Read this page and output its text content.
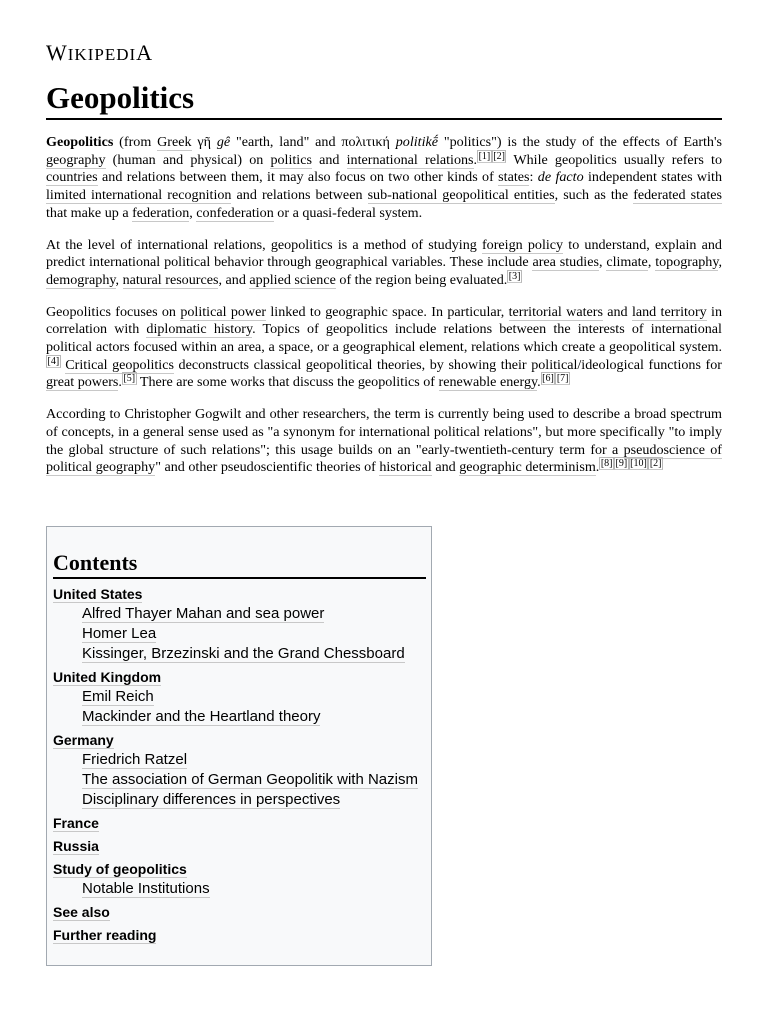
WIKIPEDIA
Geopolitics

Geopolitics (from Greek γῆ gê "earth, land" and πολιτική politikḗ "politics") is the study of the effects of Earth's geography (human and physical) on politics and international relations. [1] [2] While geopolitics usually refers to countries and relations between them, it may also focus on two other kinds of states: de facto independent states with limited international recognition and relations between sub-national geopolitical entities, such as the federated states that make up a federation, confederation or a quasi-federal system.

At the level of international relations, geopolitics is a method of studying foreign policy to understand, explain and predict international political behavior through geographical variables. These include area studies, climate, topography, demography, natural resources, and applied science of the region being evaluated. [3]

Geopolitics focuses on political power linked to geographic space. In particular, territorial waters and land territory in correlation with diplomatic history. Topics of geopolitics include relations between the interests of international political actors focused within an area, a space, or a geographical element, relations which create a geopolitical system.[4] Critical geopolitics deconstructs classical geopolitical theories, by showing their political/ideological functions for great powers. [5] There are some works that discuss the geopolitics of renewable energy. [6] [7]

According to Christopher Gogwilt and other researchers, the term is currently being used to describe a broad spectrum of concepts, in a general sense used as "a synonym for international political relations", but more specifically "to imply the global structure of such relations"; this usage builds on an "early-twentieth-century term for a pseudoscience of political geography" and other pseudoscientific theories of historical and geographic determinism. [8] [9] [10] [2]

Contents
United States
Alfred Thayer Mahan and sea power
Homer Lea
Kissinger, Brzezinski and the Grand Chessboard
United Kingdom
Emil Reich
Mackinder and the Heartland theory
Germany
Friedrich Ratzel
The association of German Geopolitik with Nazism
Disciplinary differences in perspectives
France
Russia
Study of geopolitics
Notable Institutions
See also
Further reading
